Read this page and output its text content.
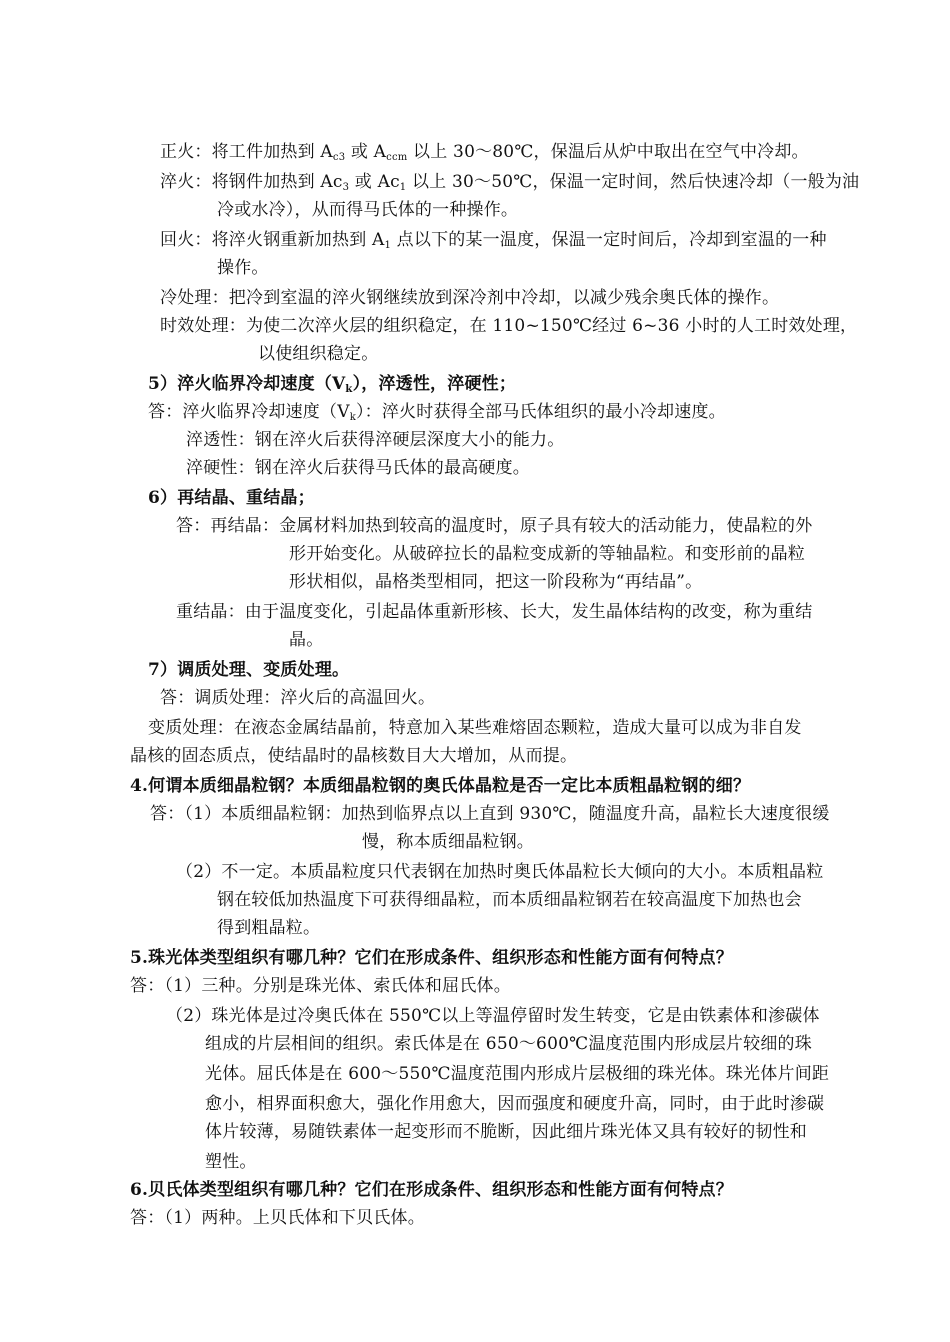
正火：将工件加热到 $A_{c3}$ 或 $A_{ccm}$ 以上 30～80℃，保温后从炉中取出在空气中冷却。
淬火：将钢件加热到 $Ac_3$ 或 $Ac_1$ 以上 30～50℃，保温一定时间，然后快速冷却（一般为油
冷或水冷），从而得马氏体的一种操作。
回火：将淬火钢重新加热到 $A_1$ 点以下的某一温度，保温一定时间后，冷却到室温的一种
操作。
冷处理：把冷到室温的淬火钢继续放到深冷剂中冷却，以减少残余奥氏体的操作。
时效处理：为使二次淬火层的组织稳定，在 110~150℃经过 6~36 小时的人工时效处理，
以使组织稳定。
5）淬火临界冷却速度$(V_k)$，淬透性，淬硬性；
答：淬火临界冷却速度$(V_k)$：淬火时获得全部马氏体组织的最小冷却速度。
淬透性：钢在淬火后获得淬硬层深度大小的能力。
淬硬性：钢在淬火后获得马氏体的最高硬度。
6）再结晶、重结晶；
答：再结晶：金属材料加热到较高的温度时，原子具有较大的活动能力，使晶粒的外
形开始变化。从破碎拉长的晶粒变成新的等轴晶粒。和变形前的晶粒
形状相似，晶格类型相同，把这一阶段称为“再结晶”。
重结晶：由于温度变化，引起晶体重新形核、长大，发生晶体结构的改变，称为重结
晶。
7）调质处理、变质处理。
答：调质处理：淬火后的高温回火。
变质处理：在液态金属结晶前，特意加入某些难熔固态颗粒，造成大量可以成为非自发
晶核的固态质点，使结晶时的晶核数目大大增加，从而提。
4.何谓本质细晶粒钢？本质细晶粒钢的奥氏体晶粒是否一定比本质粗晶粒钢的细？
答：（1）本质细晶粒钢：加热到临界点以上直到 930℃，随温度升高，晶粒长大速度很缓
慢，称本质细晶粒钢。
（2）不一定。本质晶粒度只代表钢在加热时奥氏体晶粒长大倾向的大小。本质粗晶粒
钢在较低加热温度下可获得细晶粒，而本质细晶粒钢若在较高温度下加热也会
得到粗晶粒。
5.珠光体类型组织有哪几种？它们在形成条件、组织形态和性能方面有何特点？
答：（1）三种。分别是珠光体、索氏体和屈氏体。
（2）珠光体是过冷奥氏体在 550℃以上等温停留时发生转变，它是由铁素体和渗碳体
组成的片层相间的组织。索氏体是在 650～600℃温度范围内形成层片较细的珠
光体。屈氏体是在 600～550℃温度范围内形成片层极细的珠光体。珠光体片间距
愈小，相界面积愈大，强化作用愈大，因而强度和硬度升高，同时，由于此时渗碳
体片较薄，易随铁素体一起变形而不脆断，因此细片珠光体又具有较好的韧性和
塑性。
6.贝氏体类型组织有哪几种？它们在形成条件、组织形态和性能方面有何特点？
答：（1）两种。上贝氏体和下贝氏体。
